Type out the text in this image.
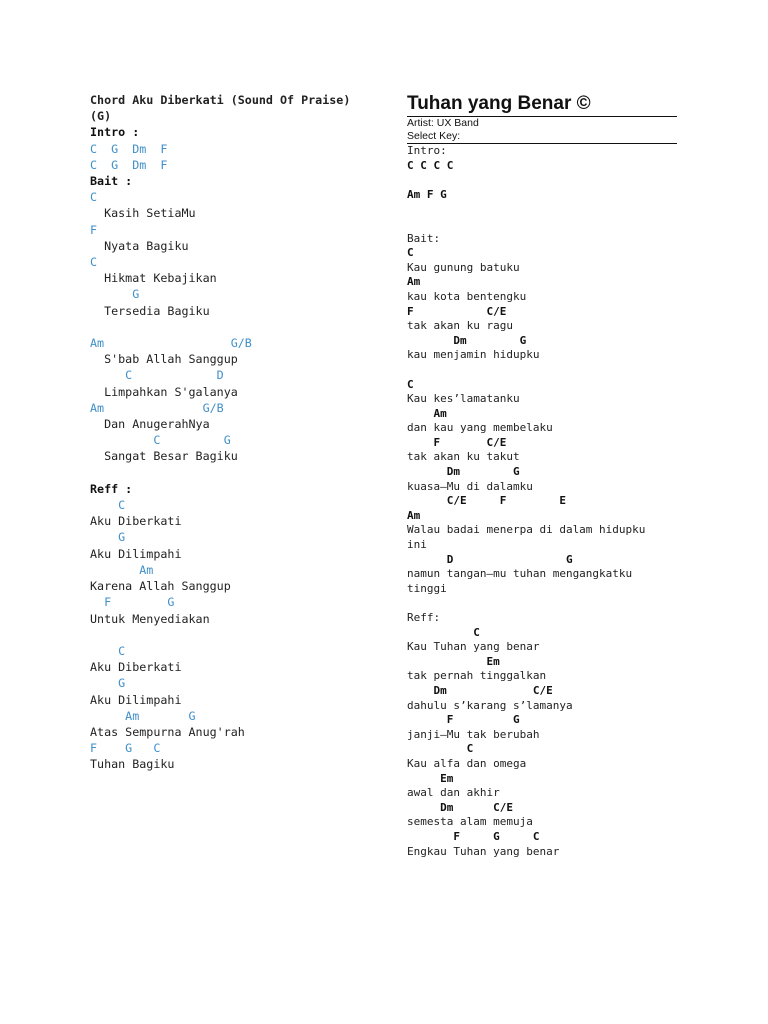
Chord Aku Diberkati (Sound Of Praise)(G)
Intro :
C  G  Dm  F
C  G  Dm  F
Bait :
C
Kasih SetiaMu
F
Nyata Bagiku
C
Hikmat Kebajikan
G
Tersedia Bagiku

Am                  G/B
S'bab Allah Sanggup
C            D
Limpahkan S'galanya
Am              G/B
Dan AnugerahNya
C         G
Sangat Besar Bagiku

Reff :
C
Aku Diberkati
G
Aku Dilimpahi
Am
Karena Allah Sanggup
F        G
Untuk Menyediakan

C
Aku Diberkati
G
Aku Dilimpahi
Am       G
Atas Sempurna Anug'rah
F    G   C
Tuhan Bagiku
Tuhan yang Benar ©
Artist: UX Band
Select Key:
Intro:
C C C C

Am F G

Bait:
C
Kau gunung batuku
Am
kau kota bentengku
F           C/E
tak akan ku ragu
Dm        G
kau menjamin hidupku

C
Kau kes’lamatanku
Am
dan kau yang membelaku
F       C/E
tak akan ku takut
Dm        G
kuasa–Mu di dalamku
C/E     F        E
Am
Walau badai menerpa di dalam hidupku
ini
D                 G
namun tangan–mu tuhan mengangkatku
tinggi

Reff:
C
Kau Tuhan yang benar
Em
tak pernah tinggalkan
Dm             C/E
dahulu s’karang s’lamanya
F         G
janji–Mu tak berubah
C
Kau alfa dan omega
Em
awal dan akhir
Dm      C/E
semesta alam memuja
F     G     C
Engkau Tuhan yang benar
